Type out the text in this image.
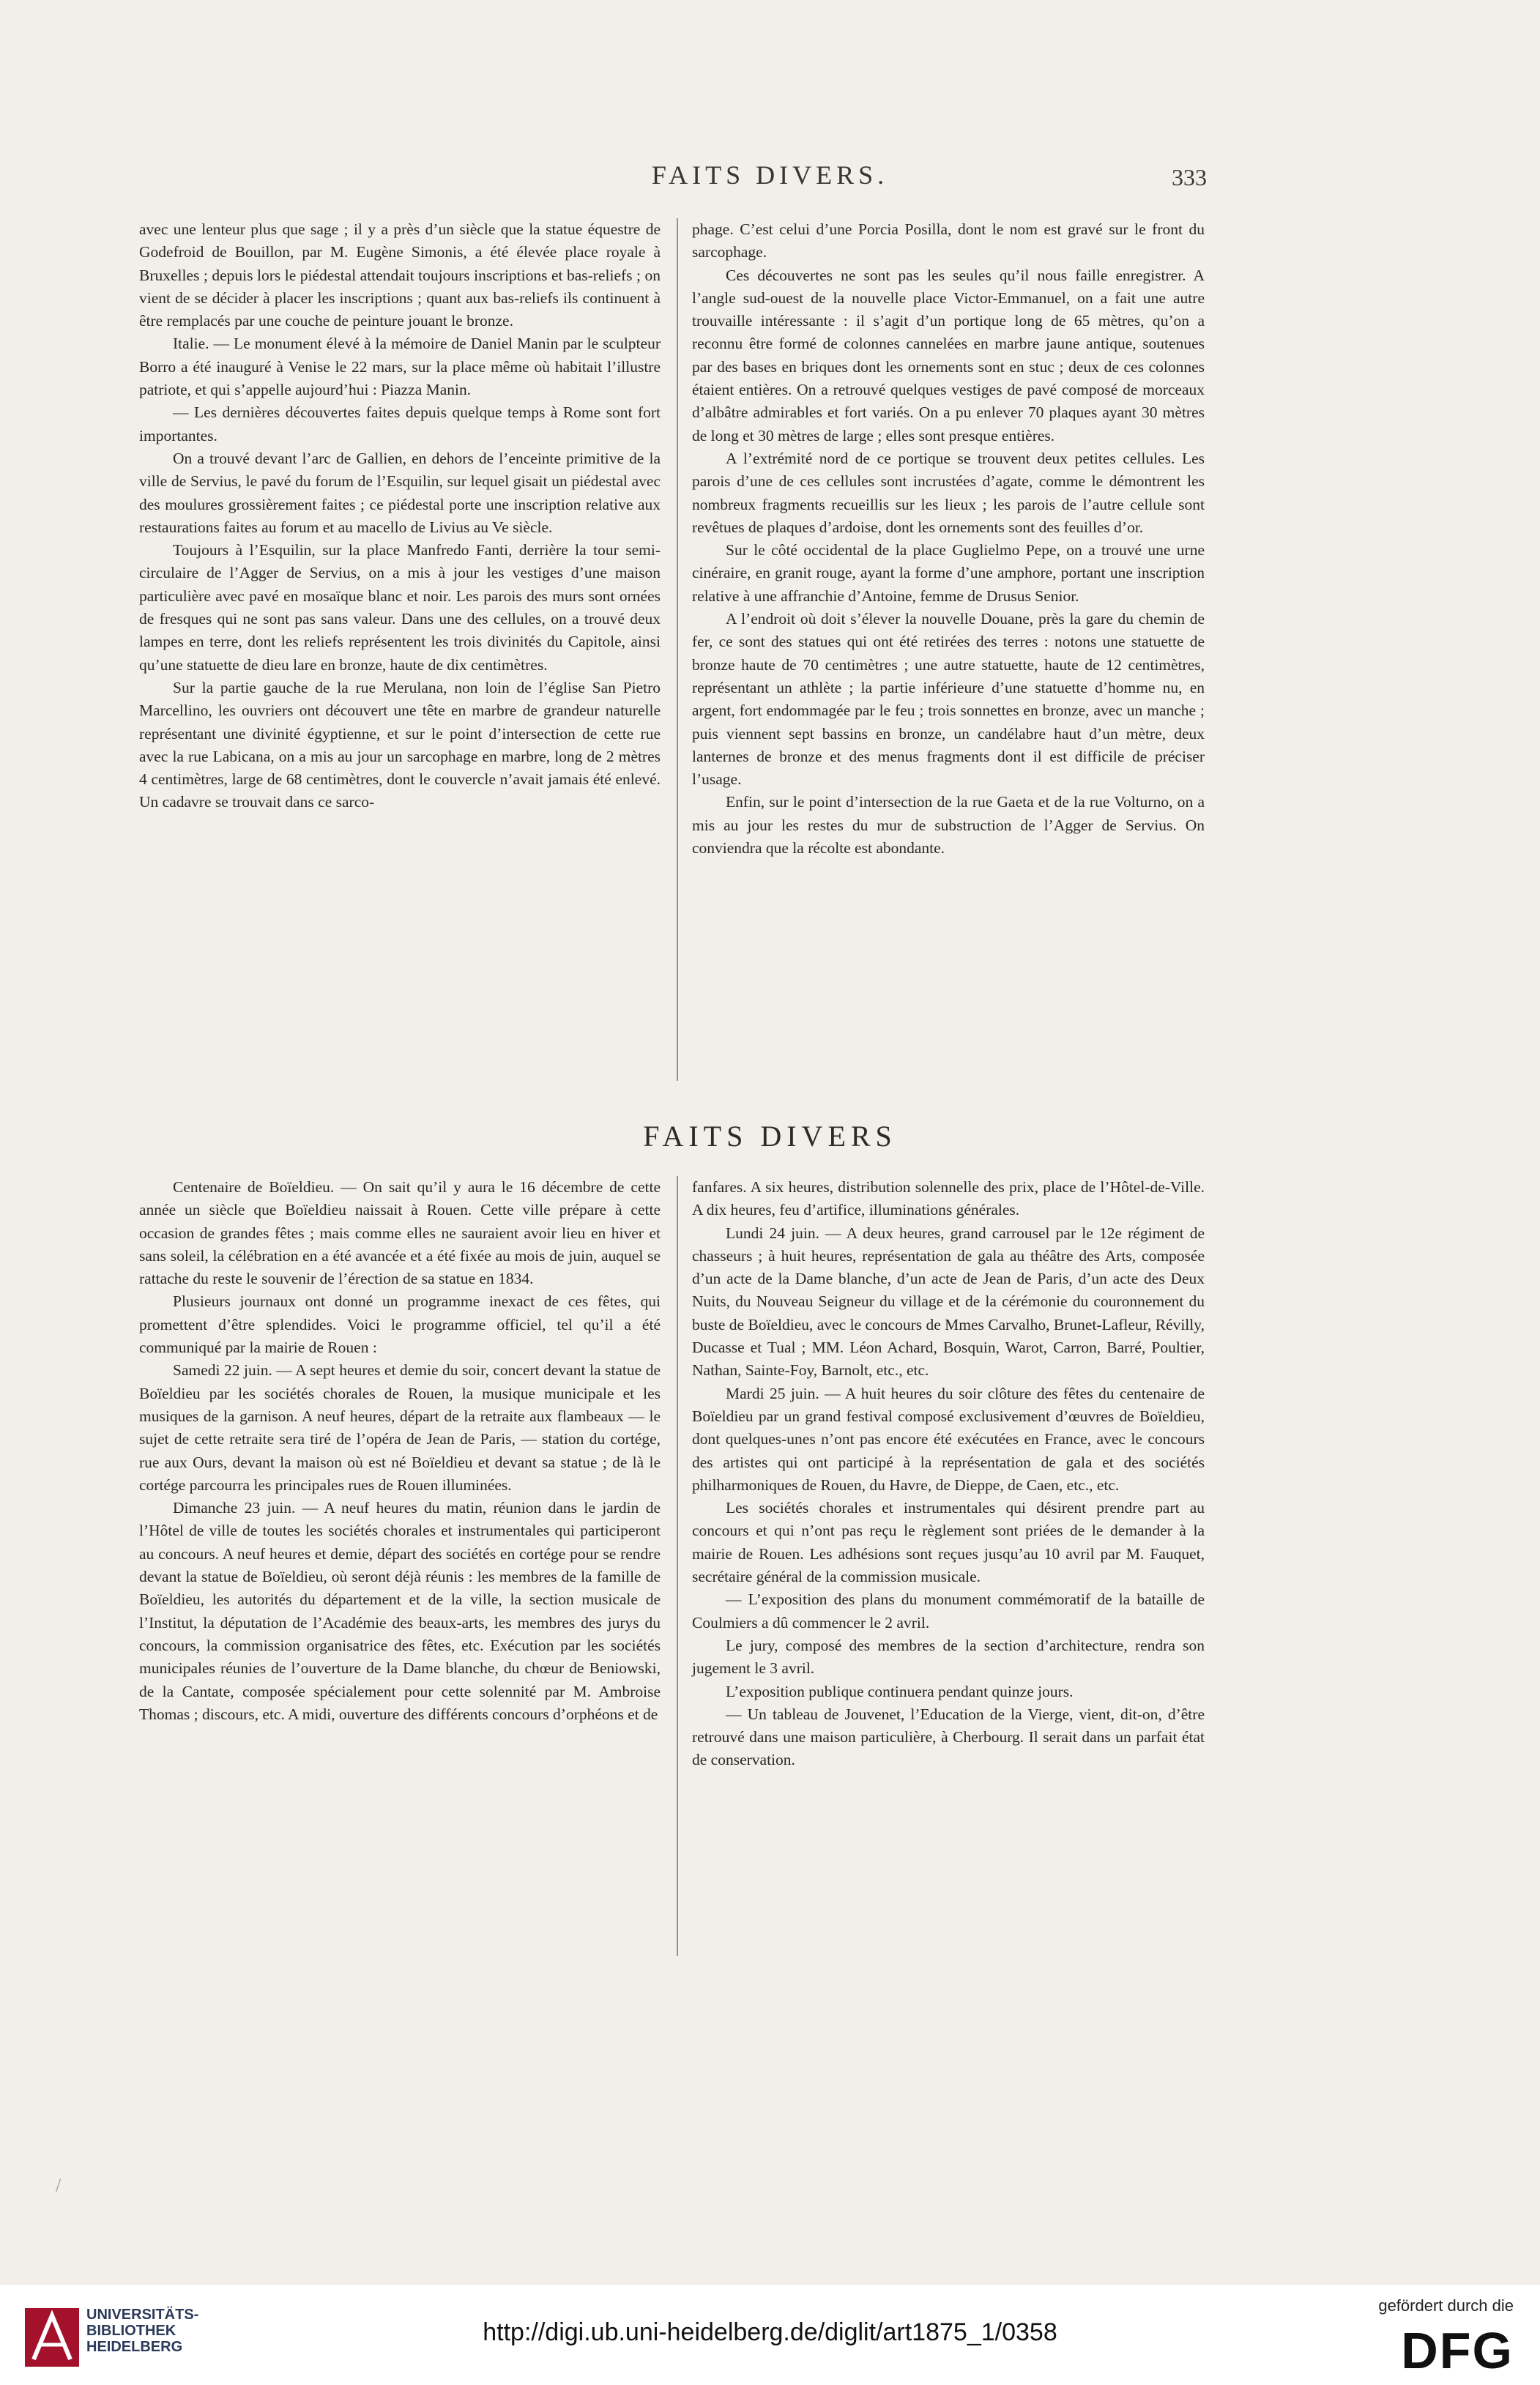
FAITS DIVERS.	333

avec une lenteur plus que sage ; il y a près d’un siècle que la statue équestre de Godefroid de Bouillon, par M. Eugène Simonis, a été élevée place royale à Bruxelles ; depuis lors le piédestal attendait toujours inscriptions et bas-reliefs ; on vient de se décider à placer les inscriptions ; quant aux bas-reliefs ils continuent à être remplacés par une couche de peinture jouant le bronze.

Italie. — Le monument élevé à la mémoire de Daniel Manin par le sculpteur Borro a été inauguré à Venise le 22 mars, sur la place même où habitait l’illustre patriote, et qui s’appelle aujourd’hui : Piazza Manin.

— Les dernières découvertes faites depuis quelque temps à Rome sont fort importantes.

On a trouvé devant l’arc de Gallien, en dehors de l’enceinte primitive de la ville de Servius, le pavé du forum de l’Esquilin, sur lequel gisait un piédestal avec des moulures grossièrement faites ; ce piédestal porte une inscription relative aux restaurations faites au forum et au macello de Livius au Ve siècle.

Toujours à l’Esquilin, sur la place Manfredo Fanti, derrière la tour semi-circulaire de l’Agger de Servius, on a mis à jour les vestiges d’une maison particulière avec pavé en mosaïque blanc et noir. Les parois des murs sont ornées de fresques qui ne sont pas sans valeur. Dans une des cellules, on a trouvé deux lampes en terre, dont les reliefs représentent les trois divinités du Capitole, ainsi qu’une statuette de dieu lare en bronze, haute de dix centimètres.

Sur la partie gauche de la rue Merulana, non loin de l’église San Pietro Marcellino, les ouvriers ont découvert une tête en marbre de grandeur naturelle représentant une divinité égyptienne, et sur le point d’intersection de cette rue avec la rue Labicana, on a mis au jour un sarcophage en marbre, long de 2 mètres 4 centimètres, large de 68 centimètres, dont le couvercle n’avait jamais été enlevé. Un cadavre se trouvait dans ce sarco-

phage. C’est celui d’une Porcia Posilla, dont le nom est gravé sur le front du sarcophage.

Ces découvertes ne sont pas les seules qu’il nous faille enregistrer. A l’angle sud-ouest de la nouvelle place Victor-Emmanuel, on a fait une autre trouvaille intéressante : il s’agit d’un portique long de 65 mètres, qu’on a reconnu être formé de colonnes cannelées en marbre jaune antique, soutenues par des bases en briques dont les ornements sont en stuc ; deux de ces colonnes étaient entières. On a retrouvé quelques vestiges de pavé composé de morceaux d’albâtre admirables et fort variés. On a pu enlever 70 plaques ayant 30 mètres de long et 30 mètres de large ; elles sont presque entières.

A l’extrémité nord de ce portique se trouvent deux petites cellules. Les parois d’une de ces cellules sont incrustées d’agate, comme le démontrent les nombreux fragments recueillis sur les lieux ; les parois de l’autre cellule sont revêtues de plaques d’ardoise, dont les ornements sont des feuilles d’or.

Sur le côté occidental de la place Guglielmo Pepe, on a trouvé une urne cinéraire, en granit rouge, ayant la forme d’une amphore, portant une inscription relative à une affranchie d’Antoine, femme de Drusus Senior.

A l’endroit où doit s’élever la nouvelle Douane, près la gare du chemin de fer, ce sont des statues qui ont été retirées des terres : notons une statuette de bronze haute de 70 centimètres ; une autre statuette, haute de 12 centimètres, représentant un athlète ; la partie inférieure d’une statuette d’homme nu, en argent, fort endommagée par le feu ; trois sonnettes en bronze, avec un manche ; puis viennent sept bassins en bronze, un candélabre haut d’un mètre, deux lanternes de bronze et des menus fragments dont il est difficile de préciser l’usage.

Enfin, sur le point d’intersection de la rue Gaeta et de la rue Volturno, on a mis au jour les restes du mur de substruction de l’Agger de Servius. On conviendra que la récolte est abondante.

FAITS DIVERS

Centenaire de Boïeldieu. — On sait qu’il y aura le 16 décembre de cette année un siècle que Boïeldieu naissait à Rouen. Cette ville prépare à cette occasion de grandes fêtes ; mais comme elles ne sauraient avoir lieu en hiver et sans soleil, la célébration en a été avancée et a été fixée au mois de juin, auquel se rattache du reste le souvenir de l’érection de sa statue en 1834.

Plusieurs journaux ont donné un programme inexact de ces fêtes, qui promettent d’être splendides. Voici le programme officiel, tel qu’il a été communiqué par la mairie de Rouen :

Samedi 22 juin. — A sept heures et demie du soir, concert devant la statue de Boïeldieu par les sociétés chorales de Rouen, la musique municipale et les musiques de la garnison. A neuf heures, départ de la retraite aux flambeaux — le sujet de cette retraite sera tiré de l’opéra de Jean de Paris, — station du cortége, rue aux Ours, devant la maison où est né Boïeldieu et devant sa statue ; de là le cortége parcourra les principales rues de Rouen illuminées.

Dimanche 23 juin. — A neuf heures du matin, réunion dans le jardin de l’Hôtel de ville de toutes les sociétés chorales et instrumentales qui participeront au concours. A neuf heures et demie, départ des sociétés en cortége pour se rendre devant la statue de Boïeldieu, où seront déjà réunis : les membres de la famille de Boïeldieu, les autorités du département et de la ville, la section musicale de l’Institut, la députation de l’Académie des beaux-arts, les membres des jurys du concours, la commission organisatrice des fêtes, etc. Exécution par les sociétés municipales réunies de l’ouverture de la Dame blanche, du chœur de Beniowski, de la Cantate, composée spécialement pour cette solennité par M. Ambroise Thomas ; discours, etc. A midi, ouverture des différents concours d’orphéons et de

fanfares. A six heures, distribution solennelle des prix, place de l’Hôtel-de-Ville. A dix heures, feu d’artifice, illuminations générales.

Lundi 24 juin. — A deux heures, grand carrousel par le 12e régiment de chasseurs ; à huit heures, représentation de gala au théâtre des Arts, composée d’un acte de la Dame blanche, d’un acte de Jean de Paris, d’un acte des Deux Nuits, du Nouveau Seigneur du village et de la cérémonie du couronnement du buste de Boïeldieu, avec le concours de Mmes Carvalho, Brunet-Lafleur, Révilly, Ducasse et Tual ; MM. Léon Achard, Bosquin, Warot, Carron, Barré, Poultier, Nathan, Sainte-Foy, Barnolt, etc., etc.

Mardi 25 juin. — A huit heures du soir clôture des fêtes du centenaire de Boïeldieu par un grand festival composé exclusivement d’œuvres de Boïeldieu, dont quelques-unes n’ont pas encore été exécutées en France, avec le concours des artistes qui ont participé à la représentation de gala et des sociétés philharmoniques de Rouen, du Havre, de Dieppe, de Caen, etc., etc.

Les sociétés chorales et instrumentales qui désirent prendre part au concours et qui n’ont pas reçu le règlement sont priées de le demander à la mairie de Rouen. Les adhésions sont reçues jusqu’au 10 avril par M. Fauquet, secrétaire général de la commission musicale.

— L’exposition des plans du monument commémoratif de la bataille de Coulmiers a dû commencer le 2 avril.

Le jury, composé des membres de la section d’architecture, rendra son jugement le 3 avril.

L’exposition publique continuera pendant quinze jours.

— Un tableau de Jouvenet, l’Education de la Vierge, vient, dit-on, d’être retrouvé dans une maison particulière, à Cherbourg. Il serait dans un parfait état de conservation.

/
UNIVERSITÄTS-
BIBLIOTHEK
HEIDELBERG
http://digi.ub.uni-heidelberg.de/diglit/art1875_1/0358
gefördert durch die
DFG
